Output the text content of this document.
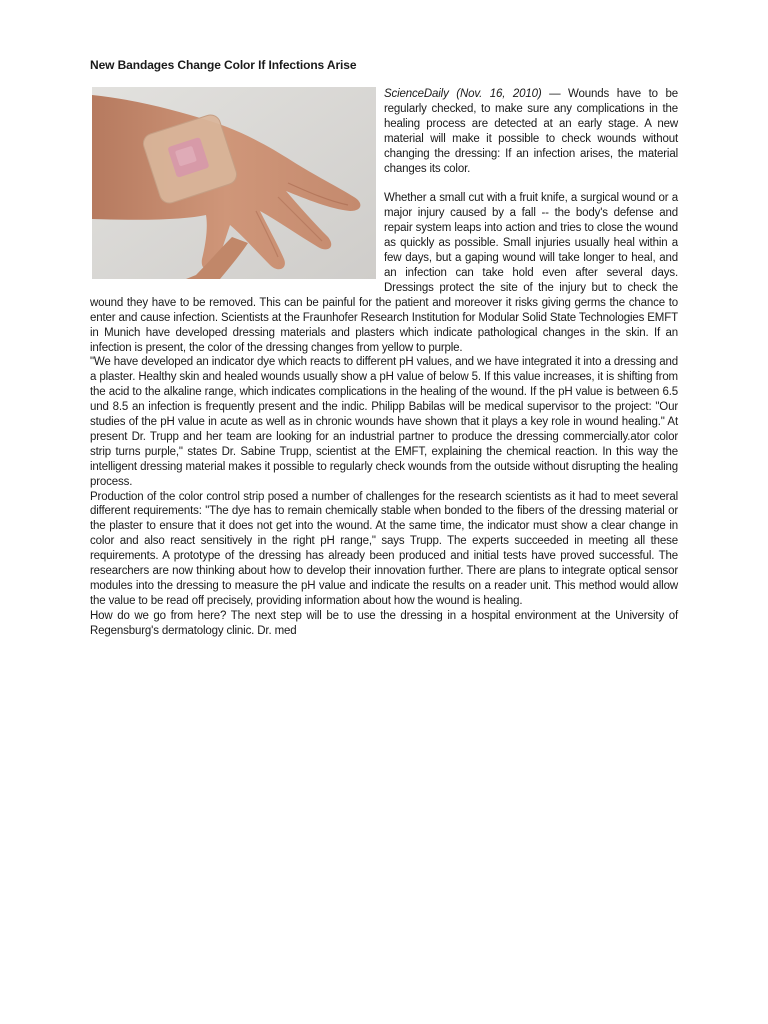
New Bandages Change Color If Infections Arise

ScienceDaily (Nov. 16, 2010) — Wounds have to be regularly checked, to make sure any complications in the healing process are detected at an early stage. A new material will make it possible to check wounds without changing the dressing: If an infection arises, the material changes its color.

Whether a small cut with a fruit knife, a surgical wound or a major injury caused by a fall -- the body's defense and repair system leaps into action and tries to close the wound as quickly as possible. Small injuries usually heal within a few days, but a gaping wound will take longer to heal, and an infection can take hold even after several days. Dressings protect the site of the injury but to check the wound they have to be removed. This can be painful for the patient and moreover it risks giving germs the chance to enter and cause infection. Scientists at the Fraunhofer Research Institution for Modular Solid State Technologies EMFT in Munich have developed dressing materials and plasters which indicate pathological changes in the skin. If an infection is present, the color of the dressing changes from yellow to purple.

"We have developed an indicator dye which reacts to different pH values, and we have integrated it into a dressing and a plaster. Healthy skin and healed wounds usually show a pH value of below 5. If this value increases, it is shifting from the acid to the alkaline range, which indicates complications in the healing of the wound. If the pH value is between 6.5 und 8.5 an infection is frequently present and the indic. Philipp Babilas will be medical supervisor to the project: "Our studies of the pH value in acute as well as in chronic wounds have shown that it plays a key role in wound healing." At present Dr. Trupp and her team are looking for an industrial partner to produce the dressing commercially.ator color strip turns purple," states Dr. Sabine Trupp, scientist at the EMFT, explaining the chemical reaction. In this way the intelligent dressing material makes it possible to regularly check wounds from the outside without disrupting the healing process.

Production of the color control strip posed a number of challenges for the research scientists as it had to meet several different requirements: "The dye has to remain chemically stable when bonded to the fibers of the dressing material or the plaster to ensure that it does not get into the wound. At the same time, the indicator must show a clear change in color and also react sensitively in the right pH range," says Trupp. The experts succeeded in meeting all these requirements. A prototype of the dressing has already been produced and initial tests have proved successful. The researchers are now thinking about how to develop their innovation further. There are plans to integrate optical sensor modules into the dressing to measure the pH value and indicate the results on a reader unit. This method would allow the value to be read off precisely, providing information about how the wound is healing.

How do we go from here? The next step will be to use the dressing in a hospital environment at the University of Regensburg's dermatology clinic. Dr. med
